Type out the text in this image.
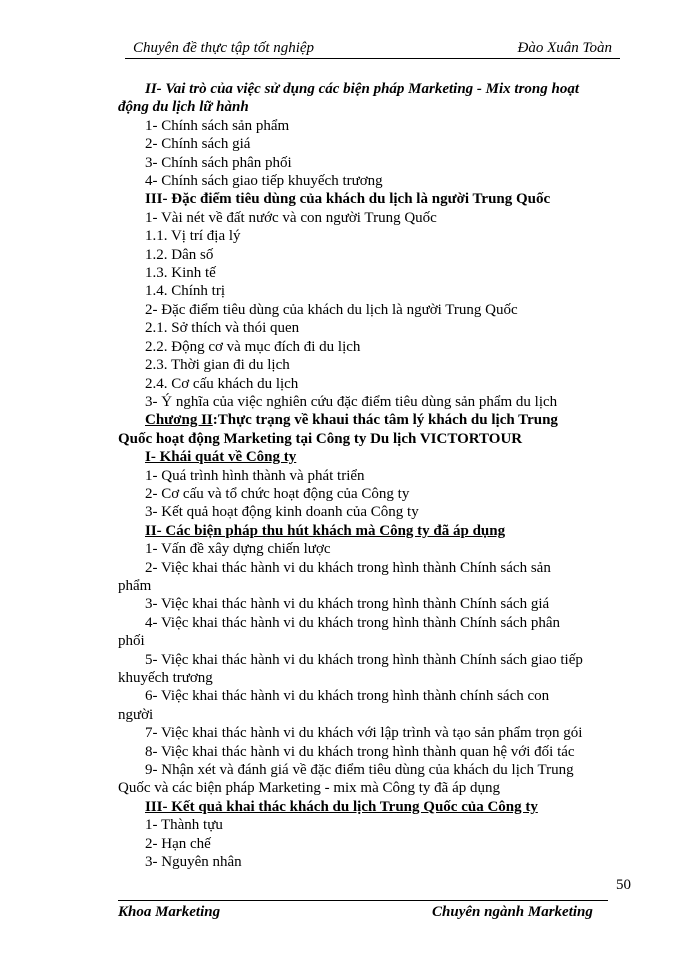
Chuyên đề thực tập tốt nghiệp	Đào Xuân Toàn
II- Vai trò của việc sử dụng các biện pháp Marketing - Mix trong hoạt
động du lịch lữ hành
1- Chính sách sản phẩm
2- Chính sách giá
3- Chính sách phân phối
4- Chính sách giao tiếp khuyếch trương
III- Đặc điểm tiêu dùng của khách du lịch là người Trung Quốc
1- Vài nét về đất nước và con người Trung Quốc
1.1. Vị trí địa lý
1.2. Dân số
1.3. Kinh tế
1.4. Chính trị
2- Đặc điểm tiêu dùng của khách du lịch là người Trung Quốc
2.1. Sở thích và thói quen
2.2. Động cơ và mục đích đi du lịch
2.3. Thời gian đi du lịch
2.4. Cơ cấu khách du lịch
3- Ý nghĩa của việc nghiên cứu đặc điểm tiêu dùng sản phẩm du lịch
Chương II:Thực trạng về khaui thác tâm lý khách du lịch Trung
Quốc hoạt động Marketing tại Công ty Du lịch VICTORTOUR
I- Khái quát về Công ty
1- Quá trình hình thành và phát triển
2- Cơ cấu và tổ chức hoạt động của Công ty
3- Kết quả hoạt động kinh doanh của Công ty
II- Các biện pháp thu hút khách mà Công ty đã áp dụng
1- Vấn đề xây dựng chiến lược
2- Việc khai thác hành vi du khách trong hình thành Chính sách sản
phẩm
3- Việc khai thác hành vi du khách trong hình thành Chính sách giá
4- Việc khai thác hành vi du khách trong hình thành Chính sách phân
phối
5- Việc khai thác hành vi du khách trong hình thành Chính sách giao tiếp
khuyếch trương
6- Việc khai thác hành vi du khách trong hình thành chính sách con
người
7- Việc khai thác hành vi du khách với lập trình và tạo sản phẩm trọn gói
8- Việc khai thác hành vi du khách trong hình thành quan hệ với đối tác
9- Nhận xét và đánh giá về đặc điểm tiêu dùng của khách du lịch Trung
Quốc và các biện pháp Marketing - mix mà Công ty đã áp dụng
III- Kết quả khai thác khách du lịch Trung Quốc của Công ty
1- Thành tựu
2- Hạn chế
3- Nguyên nhân
50
Khoa Marketing	Chuyên ngành Marketing
